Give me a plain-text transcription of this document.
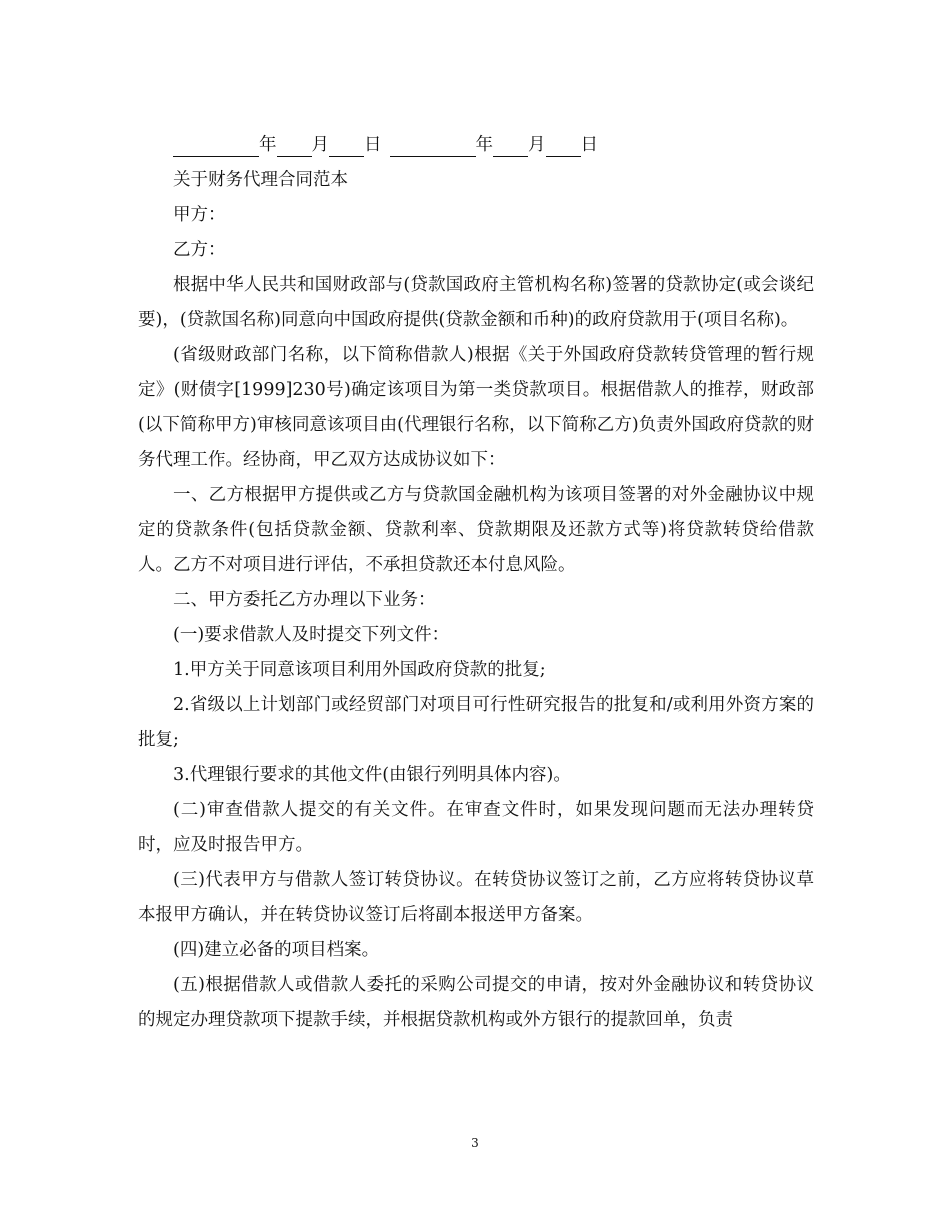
年 月 日	年 月 日

关于财务代理合同范本

甲方：

乙方：

根据中华人民共和国财政部与(贷款国政府主管机构名称)签署的贷款协定(或会谈纪要)，(贷款国名称)同意向中国政府提供(贷款金额和币种)的政府贷款用于(项目名称)。

(省级财政部门名称，以下简称借款人)根据《关于外国政府贷款转贷管理的暂行规定》(财债字[1999]230号)确定该项目为第一类贷款项目。根据借款人的推荐，财政部(以下简称甲方)审核同意该项目由(代理银行名称，以下简称乙方)负责外国政府贷款的财务代理工作。经协商，甲乙双方达成协议如下：

一、乙方根据甲方提供或乙方与贷款国金融机构为该项目签署的对外金融协议中规定的贷款条件(包括贷款金额、贷款利率、贷款期限及还款方式等)将贷款转贷给借款人。乙方不对项目进行评估，不承担贷款还本付息风险。

二、甲方委托乙方办理以下业务：

(一)要求借款人及时提交下列文件：

1.甲方关于同意该项目利用外国政府贷款的批复;

2.省级以上计划部门或经贸部门对项目可行性研究报告的批复和/或利用外资方案的批复;

3.代理银行要求的其他文件(由银行列明具体内容)。

(二)审查借款人提交的有关文件。在审查文件时，如果发现问题而无法办理转贷时，应及时报告甲方。

(三)代表甲方与借款人签订转贷协议。在转贷协议签订之前，乙方应将转贷协议草本报甲方确认，并在转贷协议签订后将副本报送甲方备案。

(四)建立必备的项目档案。

(五)根据借款人或借款人委托的采购公司提交的申请，按对外金融协议和转贷协议的规定办理贷款项下提款手续，并根据贷款机构或外方银行的提款回单，负责

3
